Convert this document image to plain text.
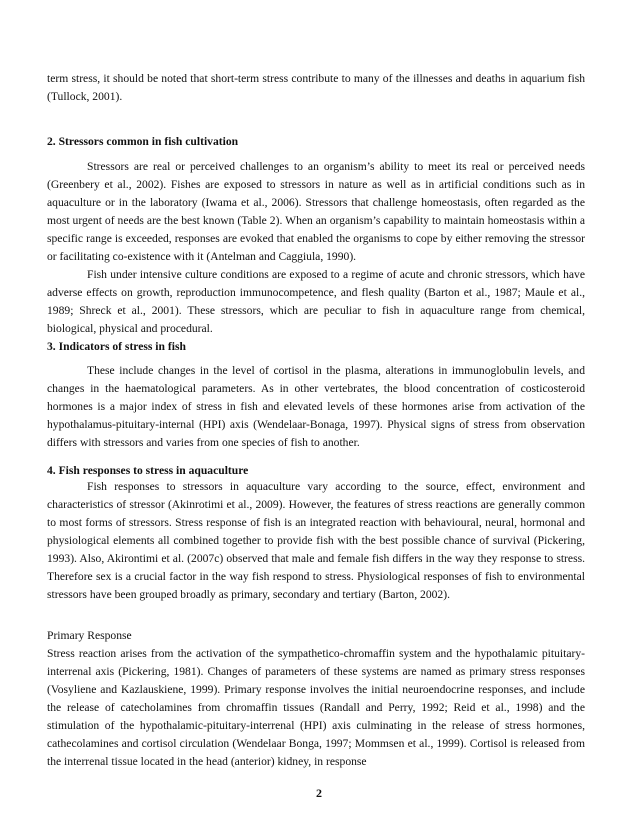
term stress, it should be noted that short-term stress contribute to many of the illnesses and deaths in aquarium fish (Tullock, 2001).

2. Stressors common in fish cultivation

Stressors are real or perceived challenges to an organism’s ability to meet its real or perceived needs (Greenbery et al., 2002). Fishes are exposed to stressors in nature as well as in artificial conditions such as in aquaculture or in the laboratory (Iwama et al., 2006). Stressors that challenge homeostasis, often regarded as the most urgent of needs are the best known (Table 2). When an organism’s capability to maintain homeostasis within a specific range is exceeded, responses are evoked that enabled the organisms to cope by either removing the stressor or facilitating co-existence with it (Antelman and Caggiula, 1990).

Fish under intensive culture conditions are exposed to a regime of acute and chronic stressors, which have adverse effects on growth, reproduction immunocompetence, and flesh quality (Barton et al., 1987; Maule et al., 1989; Shreck et al., 2001). These stressors, which are peculiar to fish in aquaculture range from chemical, biological, physical and procedural.

3. Indicators of stress in fish

These include changes in the level of cortisol in the plasma, alterations in immunoglobulin levels, and changes in the haematological parameters. As in other vertebrates, the blood concentration of costicosteroid hormones is a major index of stress in fish and elevated levels of these hormones arise from activation of the hypothalamus-pituitary-internal (HPI) axis (Wendelaar-Bonaga, 1997). Physical signs of stress from observation differs with stressors and varies from one species of fish to another.

4. Fish responses to stress in aquaculture

Fish responses to stressors in aquaculture vary according to the source, effect, environment and characteristics of stressor (Akinrotimi et al., 2009). However, the features of stress reactions are generally common to most forms of stressors. Stress response of fish is an integrated reaction with behavioural, neural, hormonal and physiological elements all combined together to provide fish with the best possible chance of survival (Pickering, 1993). Also, Akirontimi et al. (2007c) observed that male and female fish differs in the way they response to stress. Therefore sex is a crucial factor in the way fish respond to stress. Physiological responses of fish to environmental stressors have been grouped broadly as primary, secondary and tertiary (Barton, 2002).

Primary Response

Stress reaction arises from the activation of the sympathetico-chromaffin system and the hypothalamic pituitary-interrenal axis (Pickering, 1981). Changes of parameters of these systems are named as primary stress responses (Vosyliene and Kazlauskiene, 1999). Primary response involves the initial neuroendocrine responses, and include the release of catecholamines from chromaffin tissues (Randall and Perry, 1992; Reid et al., 1998) and the stimulation of the hypothalamic-pituitary-interrenal (HPI) axis culminating in the release of stress hormones, cathecolamines and cortisol circulation (Wendelaar Bonga, 1997; Mommsen et al., 1999). Cortisol is released from the interrenal tissue located in the head (anterior) kidney, in response

2
